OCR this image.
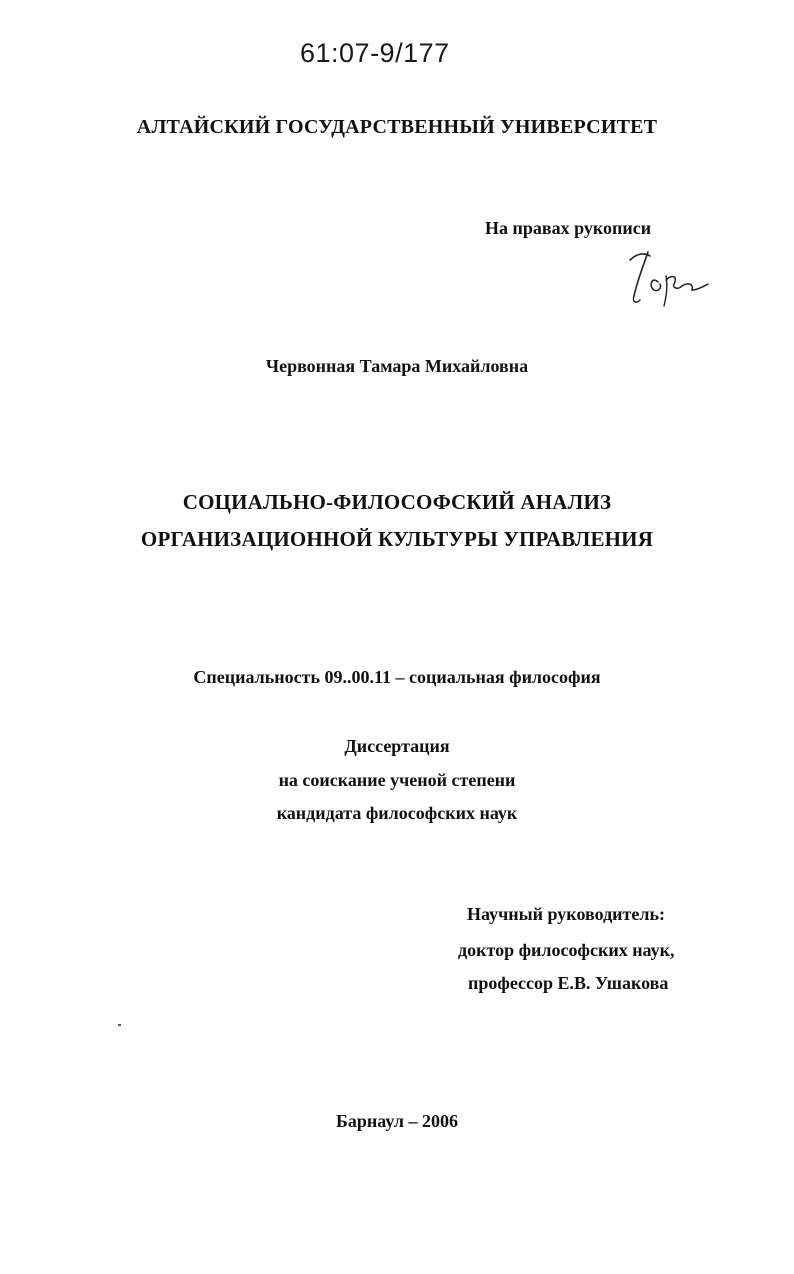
61:07-9/177
АЛТАЙСКИЙ ГОСУДАРСТВЕННЫЙ УНИВЕРСИТЕТ
На правах рукописи
Червонная Тамара Михайловна
СОЦИАЛЬНО-ФИЛОСОФСКИЙ АНАЛИЗ
ОРГАНИЗАЦИОННОЙ КУЛЬТУРЫ УПРАВЛЕНИЯ
Специальность 09..00.11 – социальная философия
Диссертация
на соискание ученой степени
кандидата философских наук
Научный руководитель:
доктор философских наук,
профессор Е.В. Ушакова
Барнаул – 2006
